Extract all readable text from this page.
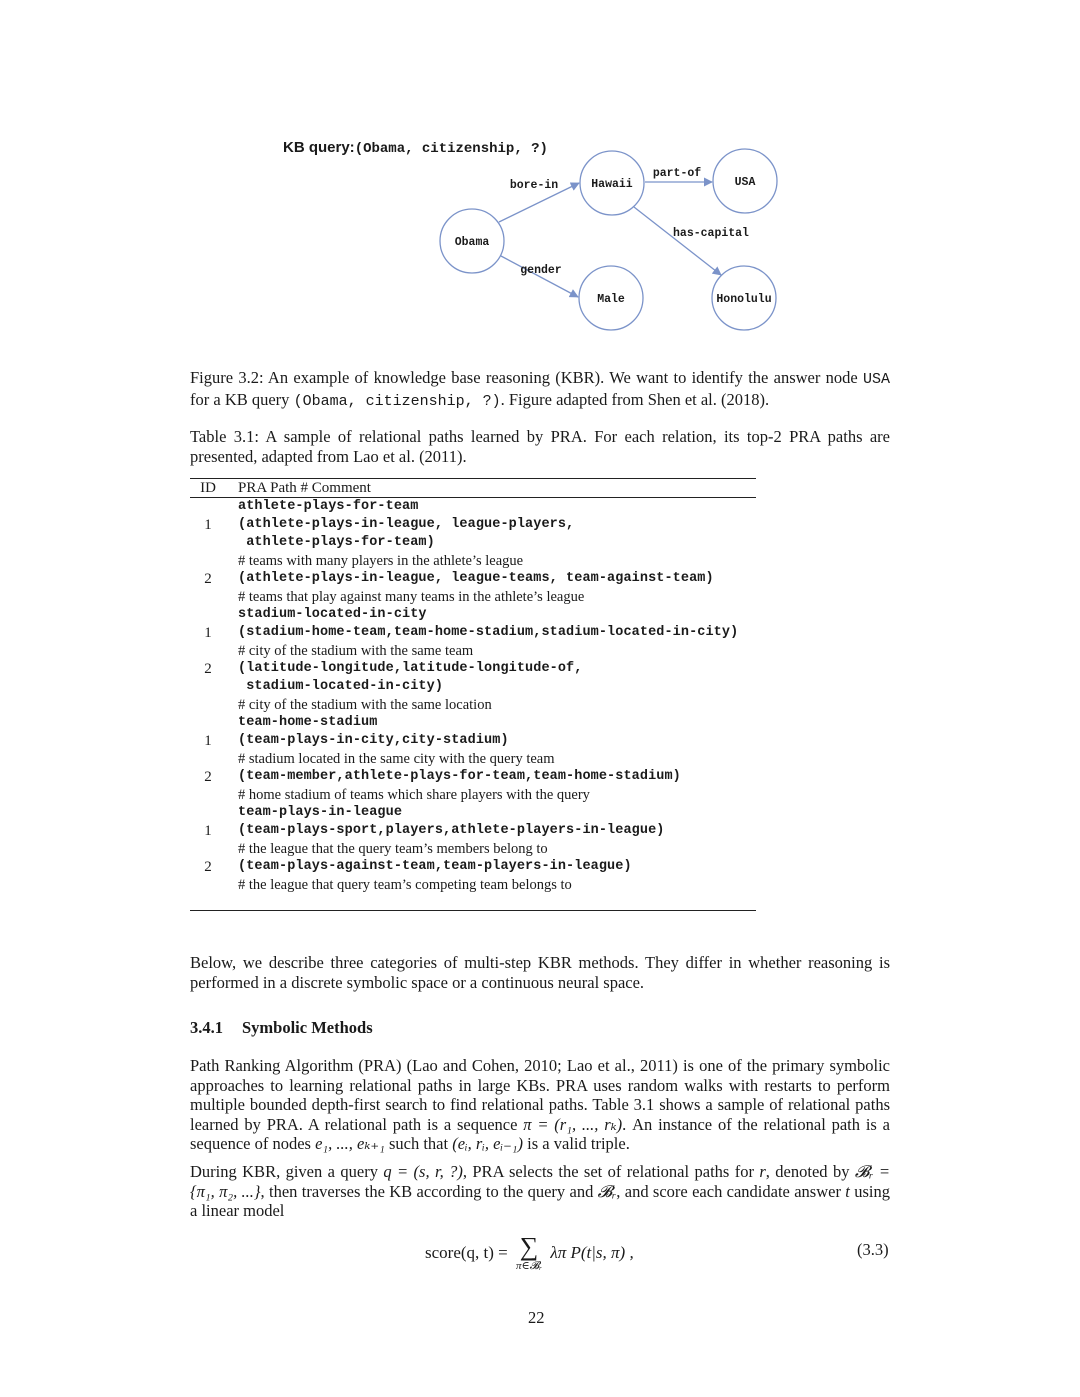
KB query:(Obama, citizenship, ?)
Hawaii	USA
Obama
Male	Honolulu
bore-in
part-of
gender
has-capital
Figure 3.2: An example of knowledge base reasoning (KBR). We want to identify the answer node USA for a KB query (Obama, citizenship, ?). Figure adapted from Shen et al. (2018).
Table 3.1: A sample of relational paths learned by PRA. For each relation, its top-2 PRA paths are presented, adapted from Lao et al. (2011).
ID PRA Path # Comment
athlete-plays-for-team
1	(athlete-plays-in-league, league-players,
athlete-plays-for-team)
# teams with many players in the athlete’s league
2	(athlete-plays-in-league, league-teams, team-against-team)
# teams that play against many teams in the athlete’s league
stadium-located-in-city
1	(stadium-home-team,team-home-stadium,stadium-located-in-city)
# city of the stadium with the same team
2	(latitude-longitude,latitude-longitude-of,
stadium-located-in-city)
# city of the stadium with the same location
team-home-stadium
1	(team-plays-in-city,city-stadium)
# stadium located in the same city with the query team
2	(team-member,athlete-plays-for-team,team-home-stadium)
# home stadium of teams which share players with the query
team-plays-in-league
1	(team-plays-sport,players,athlete-players-in-league)
# the league that the query team’s members belong to
2	(team-plays-against-team,team-players-in-league)
# the league that query team’s competing team belongs to
Below, we describe three categories of multi-step KBR methods. They differ in whether reasoning is performed in a discrete symbolic space or a continuous neural space.
3.4.1 Symbolic Methods
Path Ranking Algorithm (PRA) (Lao and Cohen, 2010; Lao et al., 2011) is one of the primary symbolic approaches to learning relational paths in large KBs. PRA uses random walks with restarts to perform multiple bounded depth-first search to find relational paths. Table 3.1 shows a sample of relational paths learned by PRA. A relational path is a sequence π = (r₁, ..., rₖ). An instance of the relational path is a sequence of nodes e₁, ..., eₖ₊₁ such that (eᵢ, rᵢ, eᵢ₋₁) is a valid triple.
During KBR, given a query q = (s, r, ?), PRA selects the set of relational paths for r, denoted by 𝓑ᵣ = {π₁, π₂, ...}, then traverses the KB according to the query and 𝓑ᵣ, and score each candidate answer t using a linear model
score(q, t) = ∑
π∈𝓑ᵣ
λπ P(t|s, π) ,	(3.3)
22
